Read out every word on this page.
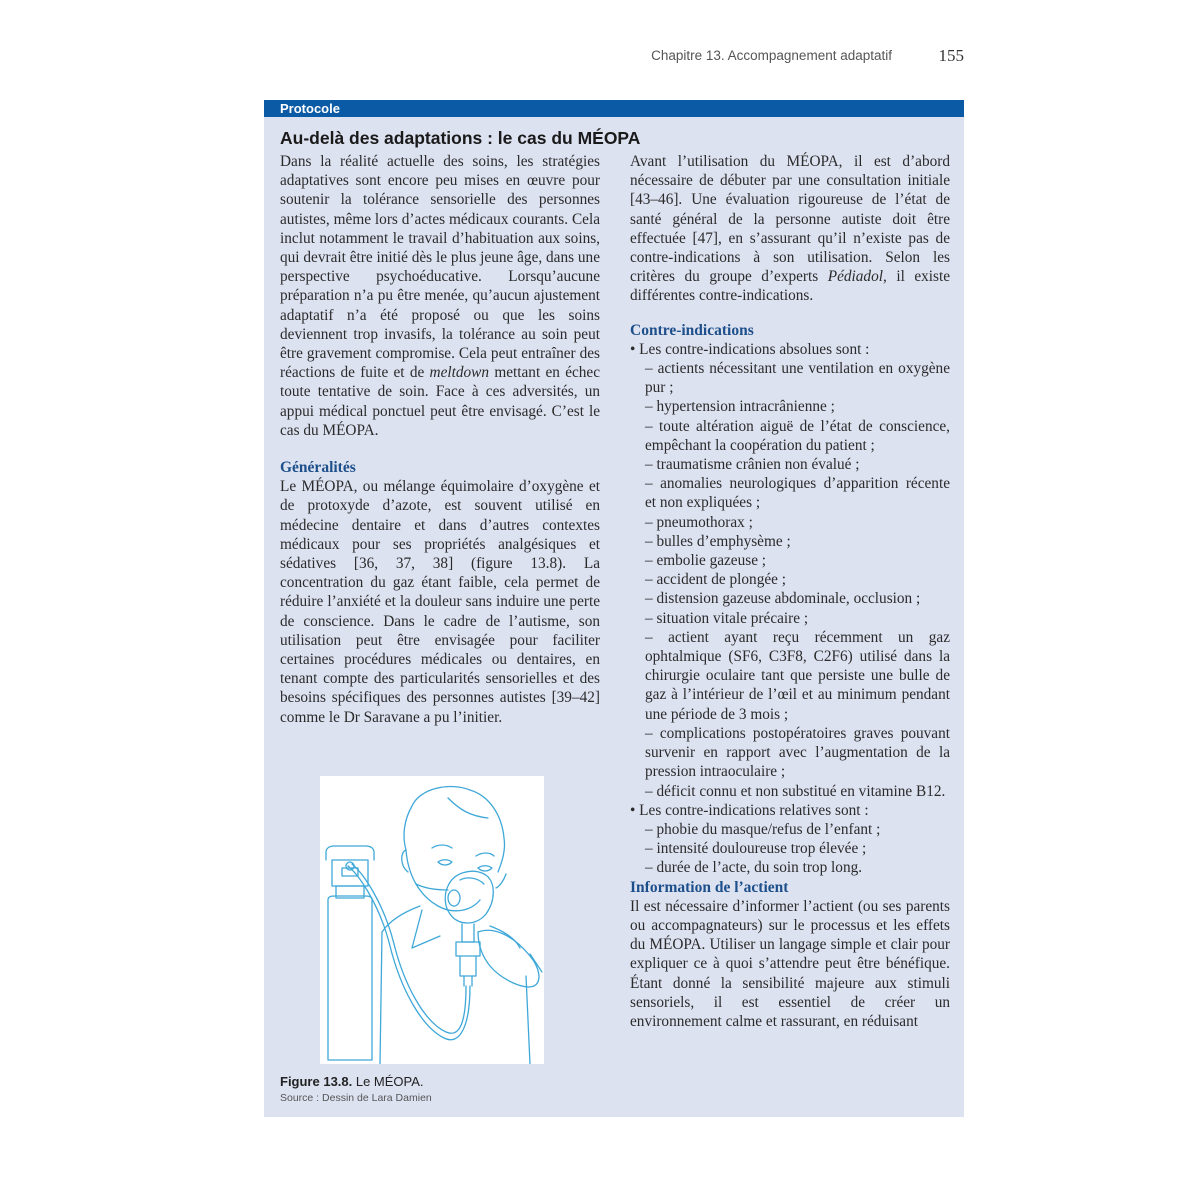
Chapitre 13. Accompagnement adaptatif	155
Protocole
Au-delà des adaptations : le cas du MÉOPA

Dans la réalité actuelle des soins, les stratégies adaptatives sont encore peu mises en œuvre pour soutenir la tolérance sensorielle des personnes autistes, même lors d’actes médicaux courants. Cela inclut notamment le travail d’habituation aux soins, qui devrait être initié dès le plus jeune âge, dans une perspective psychoéducative. Lorsqu’aucune préparation n’a pu être menée, qu’aucun ajustement adaptatif n’a été proposé ou que les soins deviennent trop invasifs, la tolérance au soin peut être gravement compromise. Cela peut entraîner des réactions de fuite et de meltdown mettant en échec toute tentative de soin. Face à ces adversités, un appui médical ponctuel peut être envisagé. C’est le cas du MÉOPA.

Généralités

Le MÉOPA, ou mélange équimolaire d’oxygène et de protoxyde d’azote, est souvent utilisé en médecine dentaire et dans d’autres contextes médicaux pour ses propriétés analgésiques et sédatives [36, 37, 38] (figure 13.8). La concentration du gaz étant faible, cela permet de réduire l’anxiété et la douleur sans induire une perte de conscience. Dans le cadre de l’autisme, son utilisation peut être envisagée pour faciliter certaines procédures médicales ou dentaires, en tenant compte des particularités sensorielles et des besoins spécifiques des personnes autistes [39–42] comme le Dr Saravane a pu l’initier.

Figure 13.8. Le MÉOPA.
Source : Dessin de Lara Damien

Avant l’utilisation du MÉOPA, il est d’abord nécessaire de débuter par une consultation initiale [43–46]. Une évaluation rigoureuse de l’état de santé général de la personne autiste doit être effectuée [47], en s’assurant qu’il n’existe pas de contre-indications à son utilisation. Selon les critères du groupe d’experts Pédiadol, il existe différentes contre-indications.

Contre-indications

• Les contre-indications absolues sont :

– actients nécessitant une ventilation en oxygène pur ;

– hypertension intracrânienne ;

– toute altération aiguë de l’état de conscience, empêchant la coopération du patient ;

– traumatisme crânien non évalué ;

– anomalies neurologiques d’apparition récente et non expliquées ;

– pneumothorax ;

– bulles d’emphysème ;

– embolie gazeuse ;

– accident de plongée ;

– distension gazeuse abdominale, occlusion ;

– situation vitale précaire ;

– actient ayant reçu récemment un gaz ophtalmique (SF6, C3F8, C2F6) utilisé dans la chirurgie oculaire tant que persiste une bulle de gaz à l’intérieur de l’œil et au minimum pendant une période de 3 mois ;

– complications postopératoires graves pouvant survenir en rapport avec l’augmentation de la pression intraoculaire ;

– déficit connu et non substitué en vitamine B12.

• Les contre-indications relatives sont :

– phobie du masque/refus de l’enfant ;

– intensité douloureuse trop élevée ;

– durée de l’acte, du soin trop long.

Information de l’actient

Il est nécessaire d’informer l’actient (ou ses parents ou accompagnateurs) sur le processus et les effets du MÉOPA. Utiliser un langage simple et clair pour expliquer ce à quoi s’attendre peut être bénéfique. Étant donné la sensibilité majeure aux stimuli sensoriels, il est essentiel de créer un environnement calme et rassurant, en réduisant
